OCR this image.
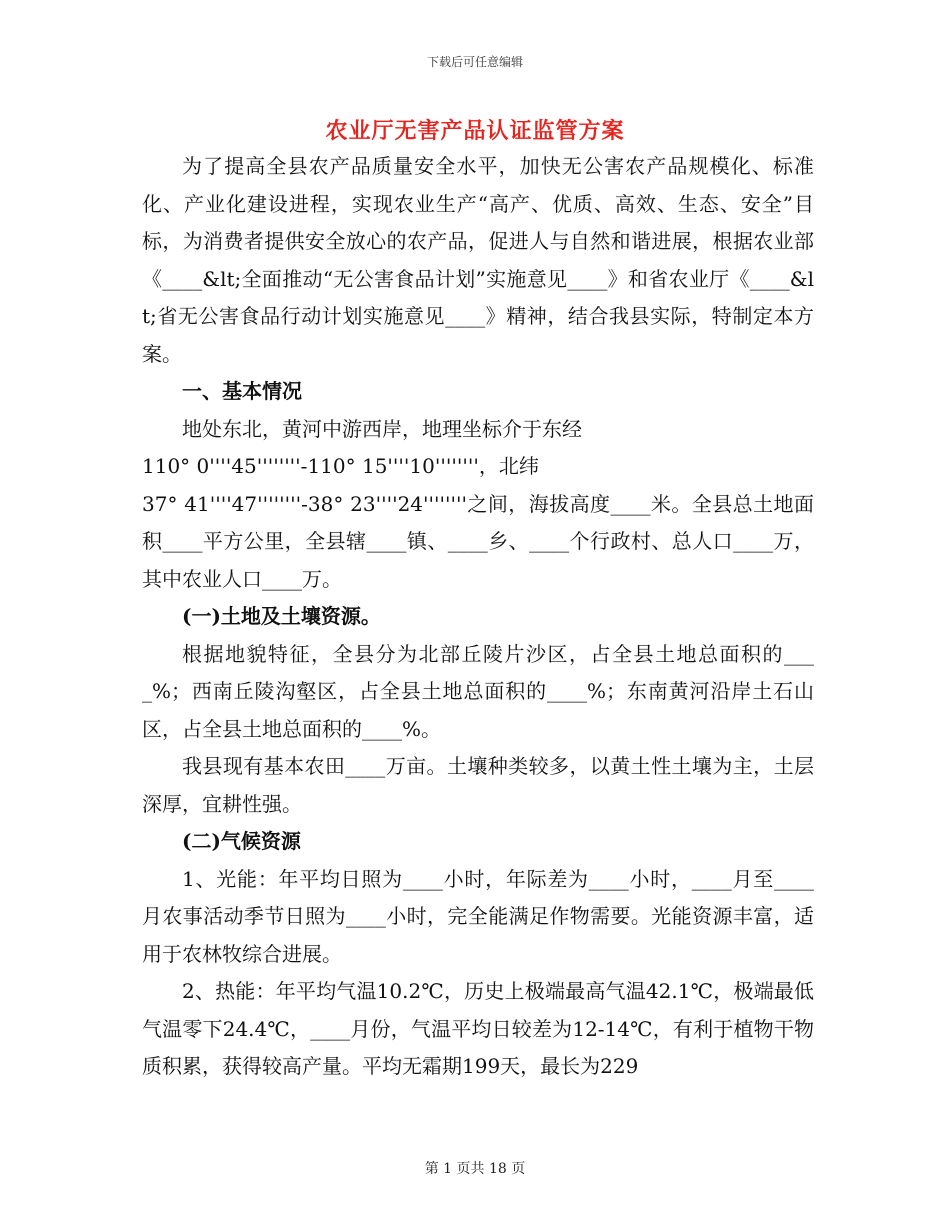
下载后可任意编辑
农业厅无害产品认证监管方案

为了提高全县农产品质量安全水平，加快无公害农产品规模化、标准化、产业化建设进程，实现农业生产“高产、优质、高效、生态、安全”目标，为消费者提供安全放心的农产品，促进人与自然和谐进展，根据农业部《____&lt;全面推动“无公害食品计划”实施意见____》和省农业厅《____&lt;省无公害食品行动计划实施意见____》精神，结合我县实际，特制定本方案。

一、基本情况

地处东北，黄河中游西岸，地理坐标介于东经

110° 0''''45''''''''-110° 15''''10''''''''，北纬

37° 41''''47''''''''-38° 23''''24''''''''之间，海拔高度____米。全县总土地面积____平方公里，全县辖____镇、____乡、____个行政村、总人口____万，其中农业人口____万。

(一)土地及土壤资源。

根据地貌特征，全县分为北部丘陵片沙区，占全县土地总面积的____%；西南丘陵沟壑区，占全县土地总面积的____%；东南黄河沿岸土石山区，占全县土地总面积的____%。

我县现有基本农田____万亩。土壤种类较多，以黄土性土壤为主，土层深厚，宜耕性强。

(二)气候资源

1、光能：年平均日照为____小时，年际差为____小时，____月至____月农事活动季节日照为____小时，完全能满足作物需要。光能资源丰富，适用于农林牧综合进展。

2、热能：年平均气温10.2℃，历史上极端最高气温42.1℃，极端最低气温零下24.4℃，____月份，气温平均日较差为12-14℃，有利于植物干物质积累，获得较高产量。平均无霜期199天，最长为229

第 1 页共 18 页
